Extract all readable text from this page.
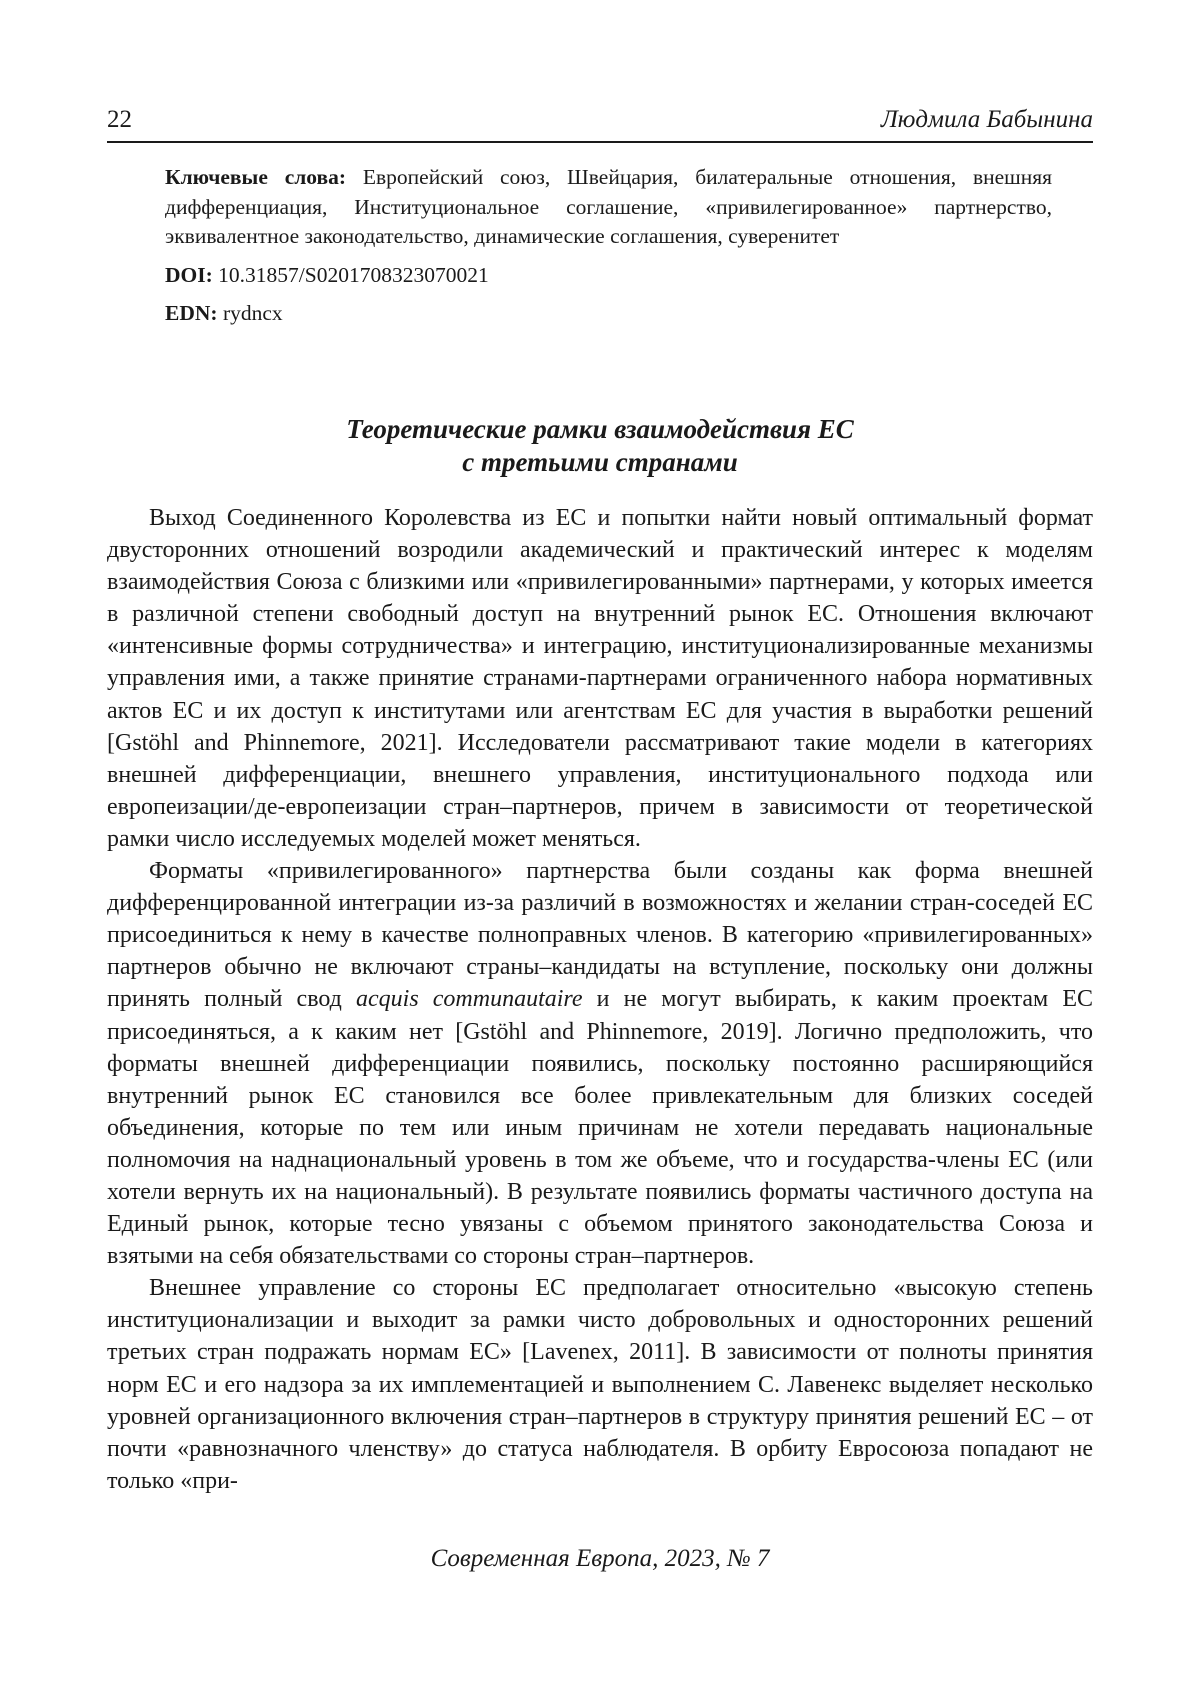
22	Людмила Бабынина

Ключевые слова: Европейский союз, Швейцария, билатеральные отношения, внешняя дифференциация, Институциональное соглашение, «привилегированное» партнерство, эквивалентное законодательство, динамические соглашения, суверенитет

DOI: 10.31857/S0201708323070021

EDN: rydncx

Теоретические рамки взаимодействия ЕС
с третьими странами

Выход Соединенного Королевства из ЕС и попытки найти новый оптимальный формат двусторонних отношений возродили академический и практический интерес к моделям взаимодействия Союза с близкими или «привилегированными» партнерами, у которых имеется в различной степени свободный доступ на внутренний рынок ЕС. Отношения включают «интенсивные формы сотрудничества» и интеграцию, институционализированные механизмы управления ими, а также принятие странами-партнерами ограниченного набора нормативных актов ЕС и их доступ к институтами или агентствам ЕС для участия в выработки решений [Gstöhl and Phinnemore, 2021]. Исследователи рассматривают такие модели в категориях внешней дифференциации, внешнего управления, институционального подхода или европеизации/де-европеизации стран–партнеров, причем в зависимости от теоретической рамки число исследуемых моделей может меняться.

Форматы «привилегированного» партнерства были созданы как форма внешней дифференцированной интеграции из-за различий в возможностях и желании стран-соседей ЕС присоединиться к нему в качестве полноправных членов. В категорию «привилегированных» партнеров обычно не включают страны–кандидаты на вступление, поскольку они должны принять полный свод acquis communautaire и не могут выбирать, к каким проектам ЕС присоединяться, а к каким нет [Gstöhl and Phinnemore, 2019]. Логично предположить, что форматы внешней дифференциации появились, поскольку постоянно расширяющийся внутренний рынок ЕС становился все более привлекательным для близких соседей объединения, которые по тем или иным причинам не хотели передавать национальные полномочия на наднациональный уровень в том же объеме, что и государства-члены ЕС (или хотели вернуть их на национальный). В результате появились форматы частичного доступа на Единый рынок, которые тесно увязаны с объемом принятого законодательства Союза и взятыми на себя обязательствами со стороны стран–партнеров.

Внешнее управление со стороны ЕС предполагает относительно «высокую степень институционализации и выходит за рамки чисто добровольных и односторонних решений третьих стран подражать нормам ЕС» [Lavenex, 2011]. В зависимости от полноты принятия норм ЕС и его надзора за их имплементацией и выполнением С. Лавенекс выделяет несколько уровней организационного включения стран–партнеров в структуру принятия решений ЕС – от почти «равнозначного членству» до статуса наблюдателя. В орбиту Евросоюза попадают не только «при-

Современная Европа, 2023, № 7
